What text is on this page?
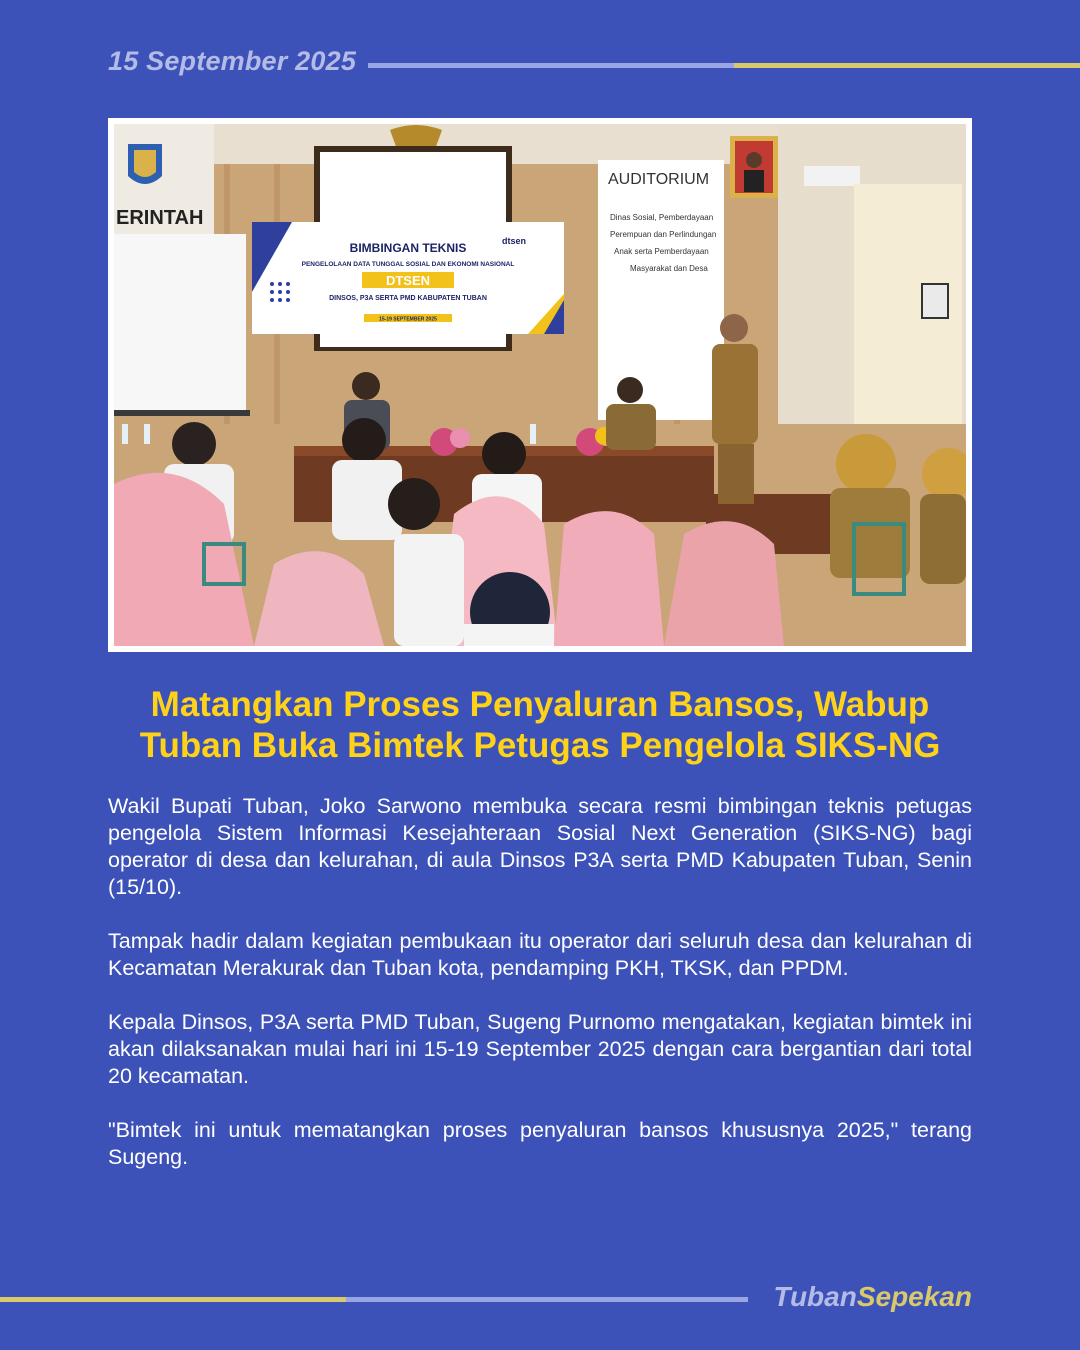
15 September 2025
ERINTAH
BIMBINGAN TEKNIS
PENGELOLAAN DATA TUNGGAL SOSIAL DAN EKONOMI NASIONAL
DTSEN
DINSOS, P3A SERTA PMD KABUPATEN TUBAN
15-19 SEPTEMBER 2025
dtsen
AUDITORIUM
Dinas Sosial, Pemberdayaan
Perempuan dan Perlindungan
Anak serta Pemberdayaan
Masyarakat dan Desa
Matangkan Proses Penyaluran Bansos, Wabup Tuban Buka Bimtek Petugas Pengelola SIKS-NG

Wakil Bupati Tuban, Joko Sarwono membuka secara resmi bimbingan teknis petugas pengelola Sistem Informasi Kesejahteraan Sosial Next Generation (SIKS-NG) bagi operator di desa dan kelurahan, di aula Dinsos P3A serta PMD Kabupaten Tuban, Senin (15/10).

Tampak hadir dalam kegiatan pembukaan itu operator dari seluruh desa dan kelurahan di Kecamatan Merakurak dan Tuban kota, pendamping PKH, TKSK, dan PPDM.

Kepala Dinsos, P3A serta PMD Tuban, Sugeng Purnomo mengatakan, kegiatan bimtek ini akan dilaksanakan mulai hari ini 15-19 September 2025 dengan cara bergantian dari total 20 kecamatan.

"Bimtek ini untuk mematangkan proses penyaluran bansos khususnya 2025," terang Sugeng.

TubanSepekan
